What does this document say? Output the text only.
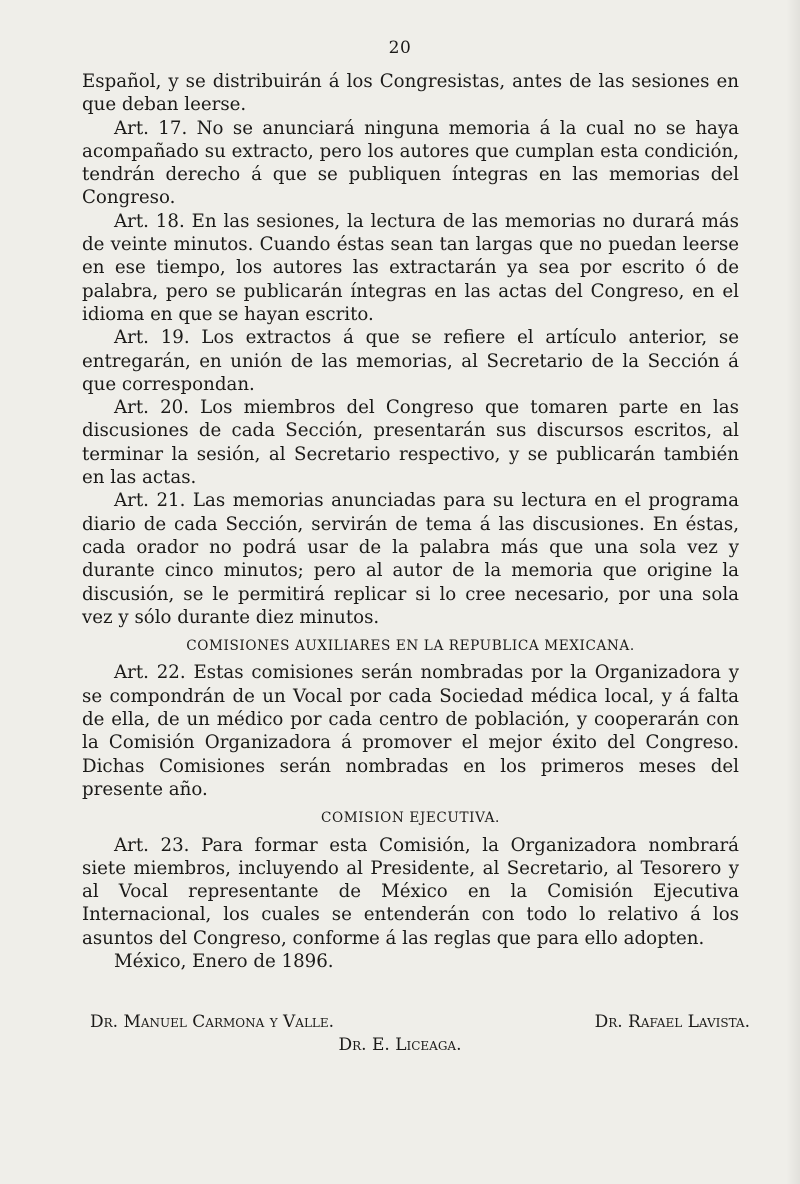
20

Español, y se distribuirán á los Congresistas, antes de las sesiones en que deban leerse.

Art. 17. No se anunciará ninguna memoria á la cual no se haya acompañado su extracto, pero los autores que cumplan esta condición, tendrán derecho á que se publiquen íntegras en las memorias del Congreso.

Art. 18. En las sesiones, la lectura de las memorias no durará más de veinte minutos. Cuando éstas sean tan largas que no puedan leerse en ese tiempo, los autores las extractarán ya sea por escrito ó de palabra, pero se publicarán íntegras en las actas del Congreso, en el idioma en que se hayan escrito.

Art. 19. Los extractos á que se refiere el artículo anterior, se entregarán, en unión de las memorias, al Secretario de la Sección á que correspondan.

Art. 20. Los miembros del Congreso que tomaren parte en las discusiones de cada Sección, presentarán sus discursos escritos, al terminar la sesión, al Secretario respectivo, y se publicarán también en las actas.

Art. 21. Las memorias anunciadas para su lectura en el programa diario de cada Sección, servirán de tema á las discusiones. En éstas, cada orador no podrá usar de la palabra más que una sola vez y durante cinco minutos; pero al autor de la memoria que origine la discusión, se le permitirá replicar si lo cree necesario, por una sola vez y sólo durante diez minutos.

COMISIONES AUXILIARES EN LA REPUBLICA MEXICANA.

Art. 22. Estas comisiones serán nombradas por la Organizadora y se compondrán de un Vocal por cada Sociedad médica local, y á falta de ella, de un médico por cada centro de población, y cooperarán con la Comisión Organizadora á promover el mejor éxito del Congreso. Dichas Comisiones serán nombradas en los primeros meses del presente año.

COMISION EJECUTIVA.

Art. 23. Para formar esta Comisión, la Organizadora nombrará siete miembros, incluyendo al Presidente, al Secretario, al Tesorero y al Vocal representante de México en la Comisión Ejecutiva Internacional, los cuales se entenderán con todo lo relativo á los asuntos del Congreso, conforme á las reglas que para ello adopten.

México, Enero de 1896.

Dr. Manuel Carmona y Valle.	Dr. Rafael Lavista.
Dr. E. Liceaga.
